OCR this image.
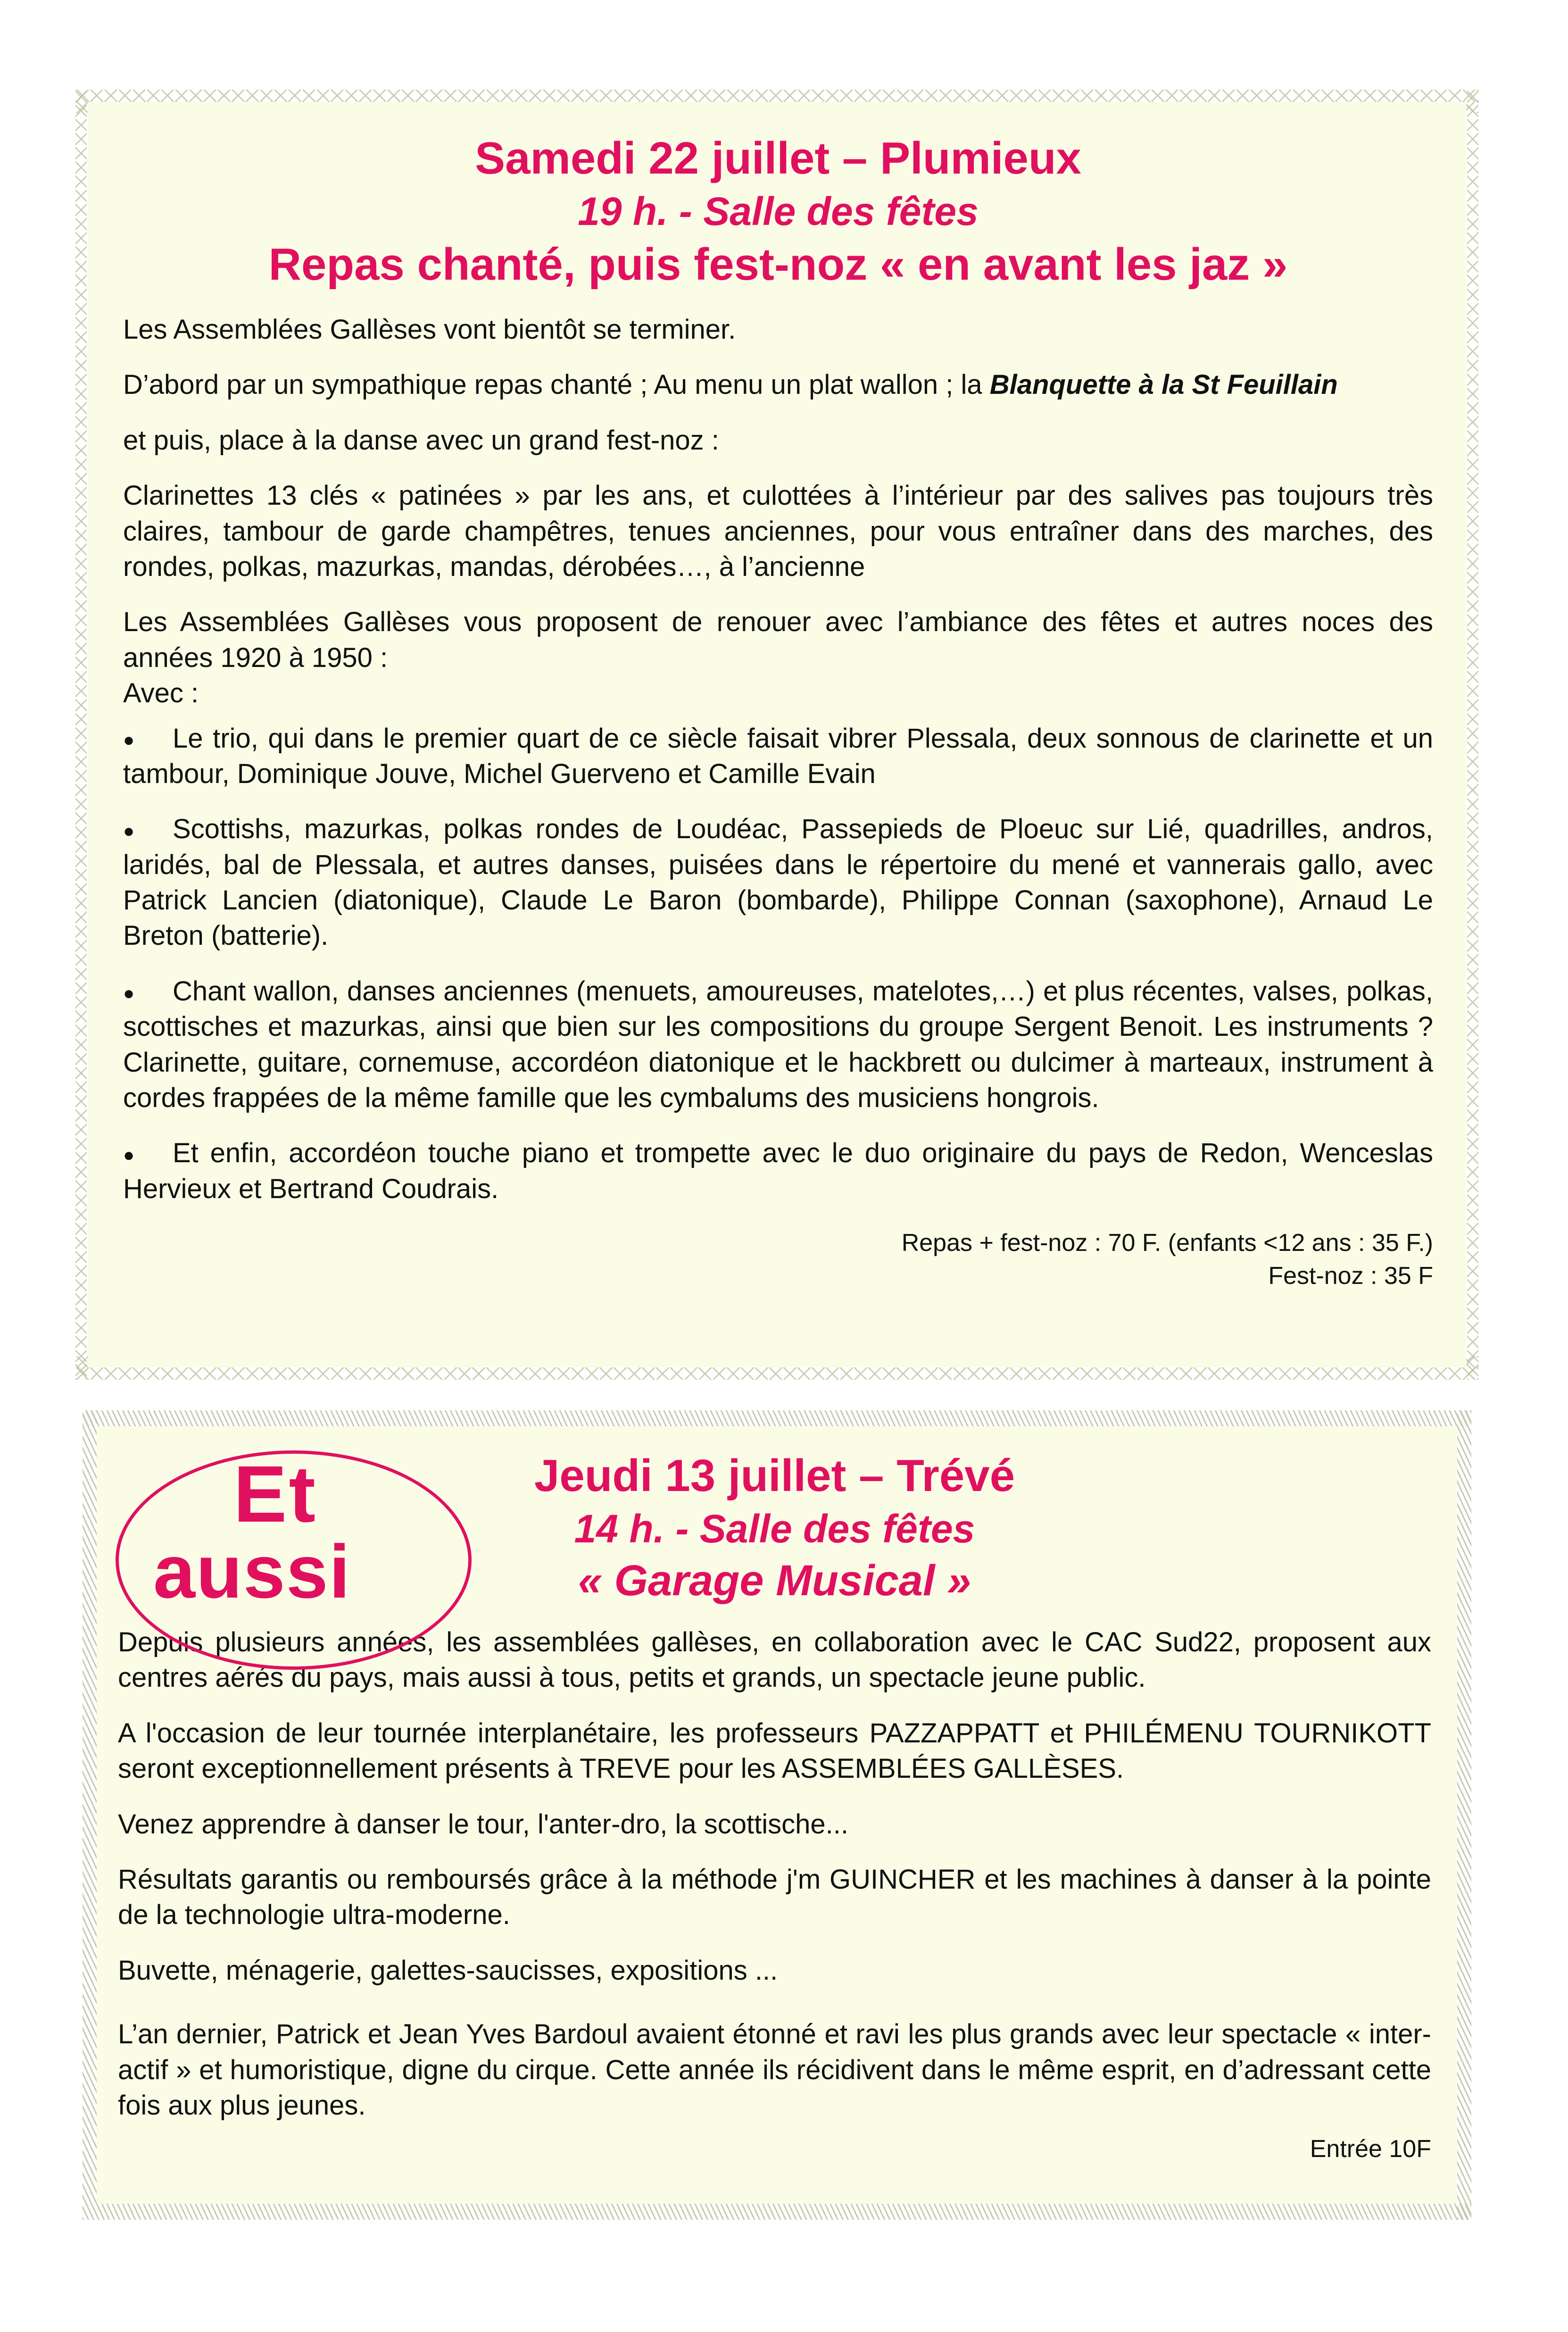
Samedi 22 juillet – Plumieux
19 h. - Salle des fêtes
Repas chanté, puis fest-noz « en avant les jaz »

Les Assemblées Gallèses vont bientôt se terminer.

D’abord par un sympathique repas chanté ; Au menu un plat wallon ; la Blanquette à la St Feuillain

et puis, place à la danse avec un grand fest-noz :

Clarinettes 13 clés « patinées » par les ans, et culottées à l’intérieur par des salives pas toujours très claires, tambour de garde champêtres, tenues anciennes, pour vous entraîner dans des marches, des rondes, polkas, mazurkas, mandas, dérobées…, à l’ancienne

Les Assemblées Gallèses vous proposent de renouer avec l’ambiance des fêtes et autres noces des années 1920 à 1950 :
Avec :

●Le trio, qui dans le premier quart de ce siècle faisait vibrer Plessala, deux sonnous de clarinette et un tambour, Dominique Jouve, Michel Guerveno et Camille Evain

●Scottishs, mazurkas, polkas rondes de Loudéac, Passepieds de Ploeuc sur Lié, quadrilles, andros, laridés, bal de Plessala, et autres danses, puisées dans le répertoire du mené et vannerais gallo, avec Patrick Lancien (diatonique), Claude Le Baron (bombarde), Philippe Connan (saxophone), Arnaud Le Breton (batterie).

●Chant wallon, danses anciennes (menuets, amoureuses, matelotes,…) et plus récentes, valses, polkas, scottisches et mazurkas, ainsi que bien sur les compositions du groupe Sergent Benoit. Les instruments ? Clarinette, guitare, cornemuse, accordéon diatonique et le hackbrett ou dulcimer à marteaux, instrument à cordes frappées de la même famille que les cymbalums des musiciens hongrois.

●Et enfin, accordéon touche piano et trompette avec le duo originaire du pays de Redon, Wenceslas Hervieux et Bertrand Coudrais.

Repas + fest-noz : 70 F. (enfants <12 ans : 35 F.)
Fest-noz : 35 F
Jeudi 13 juillet – Trévé
14 h. - Salle des fêtes
« Garage Musical »

Depuis plusieurs années, les assemblées gallèses, en collaboration avec le CAC Sud22, proposent aux centres aérés du pays, mais aussi à tous, petits et grands, un spectacle jeune public.

A l'occasion de leur tournée interplanétaire, les professeurs PAZZAPPATT et PHILÉMENU TOURNIKOTT seront exceptionnellement présents à TREVE pour les ASSEMBLÉES GALLÈSES.

Venez apprendre à danser le tour, l'anter-dro, la scottische...

Résultats garantis ou remboursés grâce à la méthode j'm GUINCHER et les machines à danser à la pointe de la technologie ultra-moderne.

Buvette, ménagerie, galettes-saucisses, expositions ...

L’an dernier, Patrick et Jean Yves Bardoul avaient étonné et ravi les plus grands avec leur spectacle « inter-actif » et humoristique, digne du cirque. Cette année ils récidivent dans le même esprit, en d’adressant cette fois aux plus jeunes.

Entrée 10F
Et
aussi
